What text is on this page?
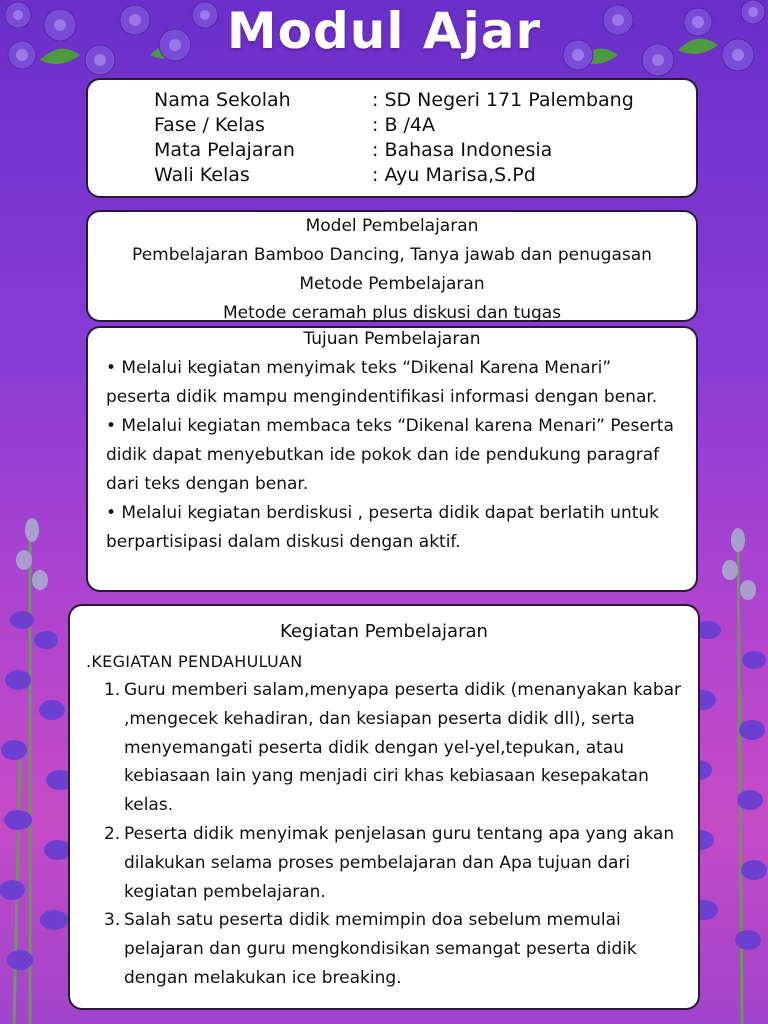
Modul Ajar
Nama Sekolah	: SD Negeri 171 Palembang
Fase / Kelas	: B /4A
Mata Pelajaran	: Bahasa Indonesia
Wali Kelas	: Ayu Marisa,S.Pd
Model Pembelajaran
Pembelajaran Bamboo Dancing, Tanya jawab dan penugasan
Metode Pembelajaran
Metode ceramah plus diskusi dan tugas
Tujuan Pembelajaran
• Melalui kegiatan menyimak teks “Dikenal Karena Menari” peserta didik mampu mengindentifikasi informasi dengan benar.
• Melalui kegiatan membaca teks “Dikenal karena Menari” Peserta didik dapat menyebutkan ide pokok dan ide pendukung paragraf dari teks dengan benar.
• Melalui kegiatan berdiskusi , peserta didik dapat berlatih untuk berpartisipasi dalam diskusi dengan aktif.
Kegiatan Pembelajaran
.KEGIATAN PENDAHULUAN
1. Guru memberi salam,menyapa peserta didik (menanyakan kabar ,mengecek kehadiran, dan kesiapan peserta didik dll), serta menyemangati peserta didik dengan yel-yel,tepukan, atau kebiasaan lain yang menjadi ciri khas kebiasaan kesepakatan kelas.
2. Peserta didik menyimak penjelasan guru tentang apa yang akan dilakukan selama proses pembelajaran dan Apa tujuan dari kegiatan pembelajaran.
3. Salah satu peserta didik memimpin doa sebelum memulai pelajaran dan guru mengkondisikan semangat peserta didik dengan melakukan ice breaking.
